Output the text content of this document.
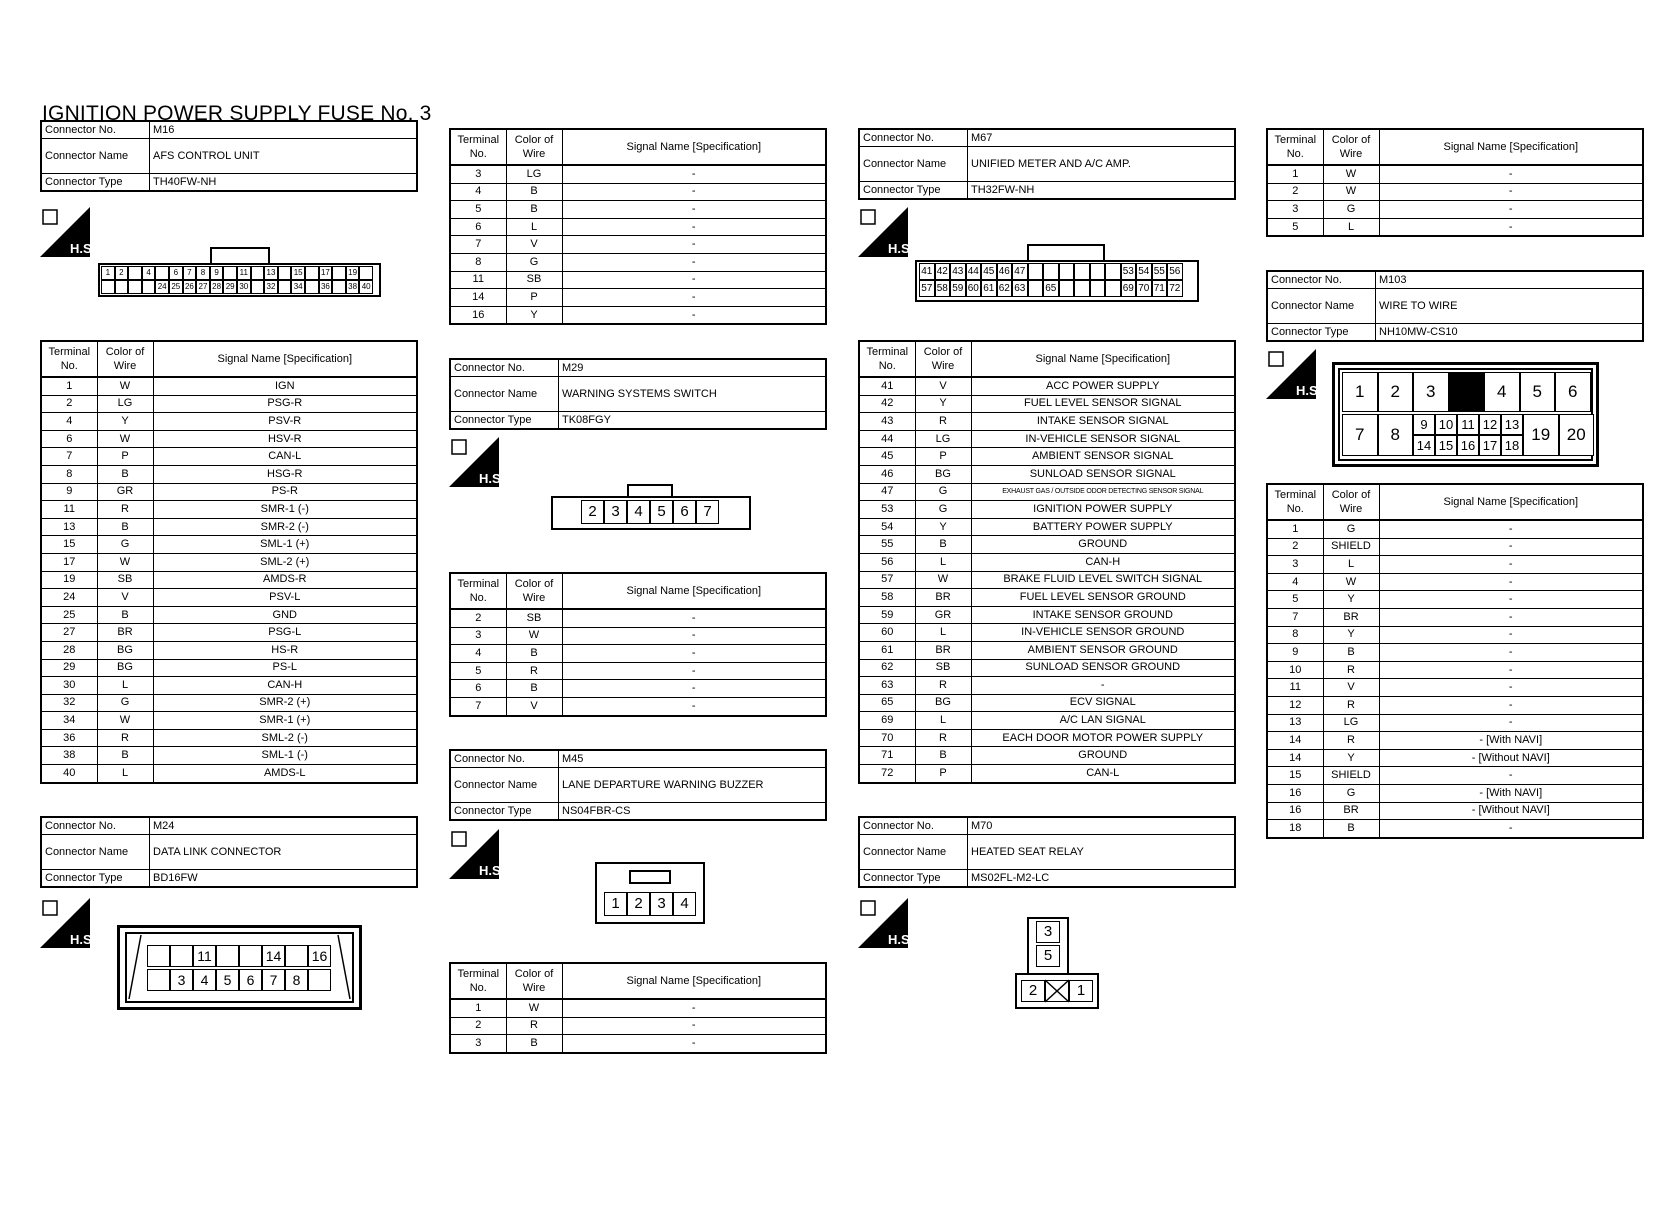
IGNITION POWER SUPPLY FUSE No. 3
Connector No.	M16
Connector Name	AFS CONTROL UNIT
Connector Type	TH40FW-NH
H.S.
1	2	4	6	7	8	9	11	13 15 17 19
24 25 26 27 28 29 30 32 34 36 38 40
Terminal No.	Color of Wire	Signal Name [Specification]
1	W	IGN
2	LG	PSG-R
4	Y	PSV-R
6	W	HSV-R
7	P	CAN-L
8	B	HSG-R
9	GR	PS-R
11	R	SMR-1 (-)
13	B	SMR-2 (-)
15	G	SML-1 (+)
17	W	SML-2 (+)
19	SB	AMDS-R
24	V	PSV-L
25	B	GND
27	BR	PSG-L
28	BG	HS-R
29	BG	PS-L
30	L	CAN-H
32	G	SMR-2 (+)
34	W	SMR-1 (+)
36	R	SML-2 (-)
38	B	SML-1 (-)
40	L	AMDS-L
Connector No.	M24
Connector Name	DATA LINK CONNECTOR
Connector Type	BD16FW
H.S.
11	14 16
3	4	5	6	7	8
Terminal No.	Color of Wire	Signal Name [Specification]
3	LG	-
4	B	-
5	B	-
6	L	-
7	V	-
8	G	-
11	SB	-
14	P	-
16	Y	-
Connector No.	M29
Connector Name	WARNING SYSTEMS SWITCH
Connector Type	TK08FGY
H.S.
2 3 4 5 6 7
Terminal No.	Color of Wire	Signal Name [Specification]
2	SB	-
3	W	-
4	B	-
5	R	-
6	B	-
7	V	-
Connector No.	M45
Connector Name	LANE DEPARTURE WARNING BUZZER
Connector Type	NS04FBR-CS
H.S.
1 2 3 4
Terminal No.	Color of Wire	Signal Name [Specification]
1	W	-
2	R	-
3	B	-
Connector No.	M67
Connector Name	UNIFIED METER AND A/C AMP.
Connector Type	TH32FW-NH
H.S.
41 42 43 44 45 46 47	53 54 55 56
57 58 59 60 61 62 63 65	69 70 71 72
Terminal No.	Color of Wire	Signal Name [Specification]
41	V	ACC POWER SUPPLY
42	Y	FUEL LEVEL SENSOR SIGNAL
43	R	INTAKE SENSOR SIGNAL
44	LG	IN-VEHICLE SENSOR SIGNAL
45	P	AMBIENT SENSOR SIGNAL
46	BG	SUNLOAD SENSOR SIGNAL
47	G	EXHAUST GAS / OUTSIDE ODOR DETECTING SENSOR SIGNAL
53	G	IGNITION POWER SUPPLY
54	Y	BATTERY POWER SUPPLY
55	B	GROUND
56	L	CAN-H
57	W	BRAKE FLUID LEVEL SWITCH SIGNAL
58	BR	FUEL LEVEL SENSOR GROUND
59	GR	INTAKE SENSOR GROUND
60	L	IN-VEHICLE SENSOR GROUND
61	BR	AMBIENT SENSOR GROUND
62	SB	SUNLOAD SENSOR GROUND
63	R	-
65	BG	ECV SIGNAL
69	L	A/C LAN SIGNAL
70	R	EACH DOOR MOTOR POWER SUPPLY
71	B	GROUND
72	P	CAN-L
Connector No.	M70
Connector Name	HEATED SEAT RELAY
Connector Type	MS02FL-M2-LC
H.S.	3
5
2	1
Terminal No.	Color of Wire	Signal Name [Specification]
1	W	-
2	W	-
3	G	-
5	L	-
Connector No.	M103
Connector Name	WIRE TO WIRE
Connector Type	NH10MW-CS10
H.S.	1	2	3	4	5	6
7	8
9 10 11 12 13
14 15 16 17 18
19 20
Terminal No.	Color of Wire	Signal Name [Specification]
1	G	-
2	SHIELD	-
3	L	-
4	W	-
5	Y	-
7	BR	-
8	Y	-
9	B	-
10	R	-
11	V	-
12	R	-
13	LG	-
14	R	- [With NAVI]
14	Y	- [Without NAVI]
15	SHIELD	-
16	G	- [With NAVI]
16	BR	- [Without NAVI]
18	B	-
